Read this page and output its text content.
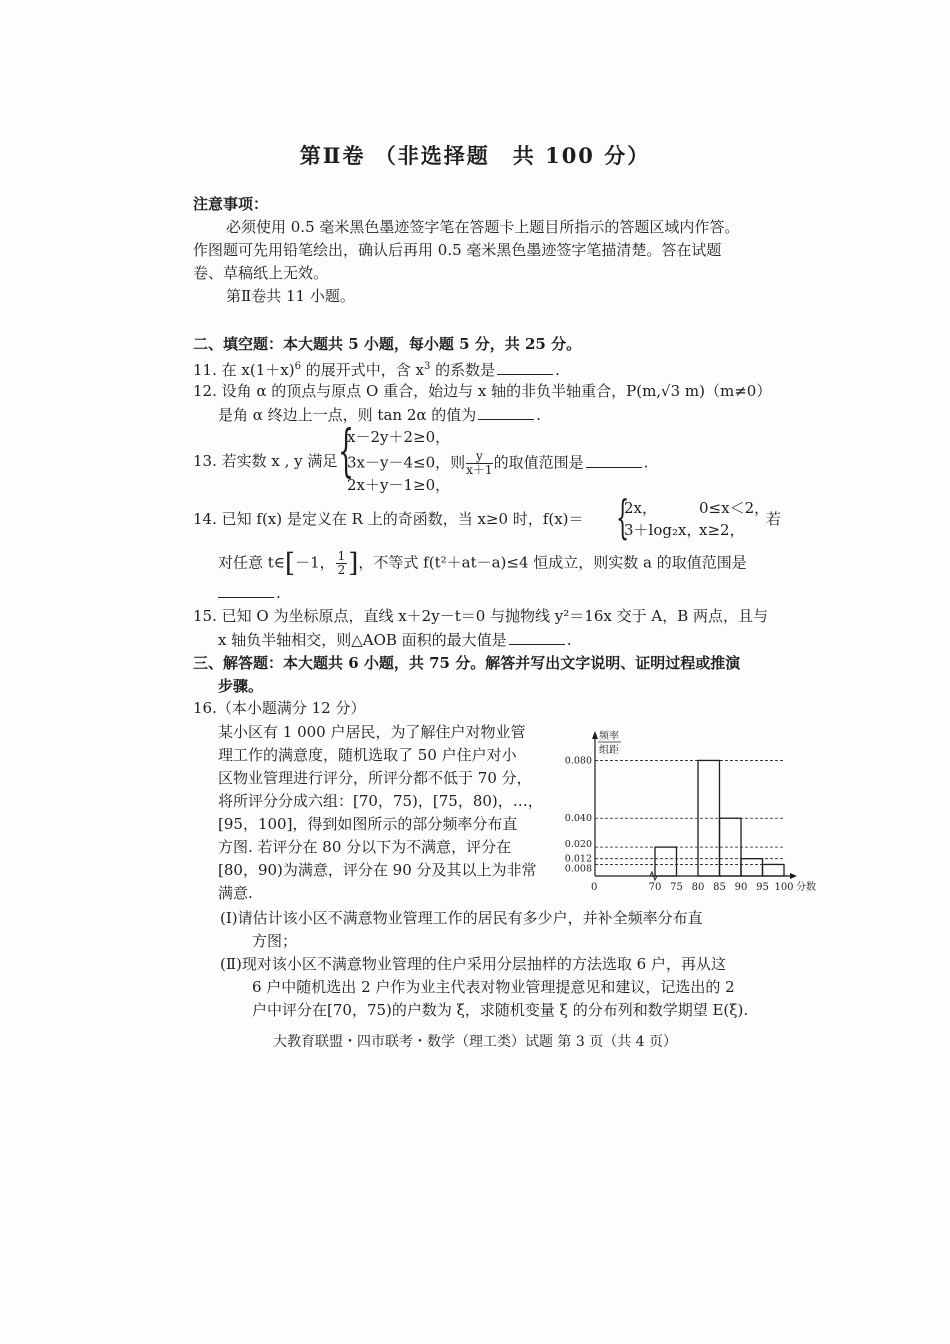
第Ⅱ卷 （非选择题　共 100 分）
注意事项：
必须使用 0.5 毫米黑色墨迹签字笔在答题卡上题目所指示的答题区域内作答。
作图题可先用铅笔绘出，确认后再用 0.5 毫米黑色墨迹签字笔描清楚。答在试题
卷、草稿纸上无效。
第Ⅱ卷共 11 小题。
二、填空题：本大题共 5 小题，每小题 5 分，共 25 分。
11. 在 $x(1+x)^6$ 的展开式中，含 $x^3$ 的系数是	.
12. 设角 α 的顶点与原点 O 重合，始边与 x 轴的非负半轴重合，P(m,√3 m)（m≠0）
是角 α 终边上一点，则 tan 2α 的值为	.
13. 若实数 x , y 满足 {
x－2y＋2≥0，
3x－y－4≤0，则 $\frac{y}{x+1}$ 的取值范围是	.
2x＋y－1≥0，
14. 已知 f(x) 是定义在 R 上的奇函数，当 x≥0 时，f(x)＝ {
2x，	0≤x＜2，
3＋log₂x，
x≥2，
若
对任意 t∈[－1， $\frac{1}{2}$ ]，不等式 f(t²＋at－a)≤4 恒成立，则实数 a 的取值范围是
.
15. 已知 O 为坐标原点，直线 x＋2y－t＝0 与抛物线 y²＝16x 交于 A，B 两点，且与
x 轴负半轴相交，则△AOB 面积的最大值是	.
三、解答题：本大题共 6 小题，共 75 分。解答并写出文字说明、证明过程或推演
步骤。
16.（本小题满分 12 分）
某小区有 1 000 户居民，为了解住户对物业管
理工作的满意度，随机选取了 50 户住户对小
区物业管理进行评分，所评分都不低于 70 分，
将所评分分成六组：[70，75)，[75，80)，…，
[95，100]，得到如图所示的部分频率分布直
方图. 若评分在 80 分以下为不满意，评分在
[80，90)为满意，评分在 90 分及其以上为非常
满意.
频率
组距
0	70 75 80 85 90 95 100 分数
0.080
0.040
0.020
0.012
0.008
(Ⅰ)请估计该小区不满意物业管理工作的居民有多少户，并补全频率分布直
方图；
(Ⅱ)现对该小区不满意物业管理的住户采用分层抽样的方法选取 6 户，再从这
6 户中随机选出 2 户作为业主代表对物业管理提意见和建议，记选出的 2
户中评分在[70，75)的户数为 ξ，求随机变量 ξ 的分布列和数学期望 E(ξ).
大教育联盟・四市联考・数学（理工类）试题 第 3 页（共 4 页）
